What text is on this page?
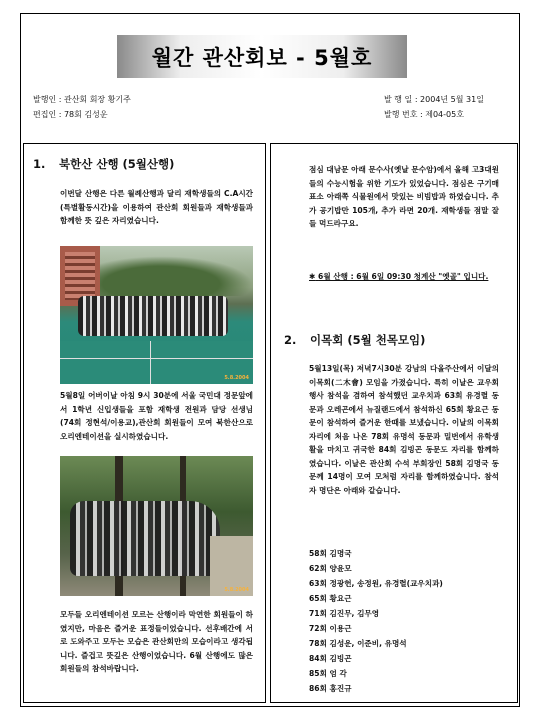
월간 관산회보 - 5월호
발행인 : 관산회 회장 황기주
편집인 : 78회 김성운
발 행 일 : 2004년 5월 31일
발행 번호 : 제04-05호
1. 북한산 산행 (5월산행)

이번달 산행은 다른 월례산행과 달리 재학생들의 C.A시간(특별활동시간)을 이용하여 관산회 회원들과 재학생들과 함께한 뜻 깊은 자리였습니다.

5.8.2004

5월8일 어버이날 아침 9시 30분에 서울 국민대 정문앞에서 1학년 신입생들을 포함 재학생 전원과 담당 선생님 (74회 정현석/이용교),관산회 회원들이 모여 북한산으로 오리엔테이션을 실시하였습니다.

5.8.2004

모두들 오리엔테이션 모르는 산행이라 막연한 회원들이 하였지만, 마음은 즐거운 표정들이었습니다. 선후배간에 서로 도와주고 모두는 모습은 관산회만의 모습이라고 생각됩니다. 즐겁고 뜻깊은 산행이었습니다. 6월 산행에도 많은 회원들의 참석바랍니다.

점심 대남문 아래 문수사(옛날 문수암)에서 올해 고3대원들의 수능시험을 위한 기도가 있었습니다. 점심은 구기매표소 아래쪽 식물원에서 맛있는 비빔밥과 하였습니다. 추가 공기밥만 105개, 추가 라면 20개. 재학생들 점말 잘 들 먹드라구요.

✱ 6월 산행 : 6월 6일 09:30 청계산 "옛골" 입니다.
2. 이목회 (5월 천목모임)

5월13일(목) 저녁7시30분 강남의 다올주산에서 이달의 이목회(二木會) 모임을 가졌습니다. 특히 이날은 교우회 행사 참석을 겸하여 참석했던 교우치과 63회 유경렬 동문과 오레곤에서 뉴질랜드에서 참석하신 65회 황요근 동문이 참석하여 즐거운 한때를 보냈습니다. 이날의 이목회 자리에 처음 나온 78회 유명석 동문과 밀번에서 유학생활을 마치고 귀국한 84회 김빙곤 동문도 자리를 함께하였습니다. 이날은 관산회 수석 부회장인 58회 김명국 동문께 14명이 모여 모처럼 자리를 함께하였습니다. 참석자 명단은 아래와 같습니다.

58회 김명국
62회 양윤모
63회 정광헌, 송정원, 유경렬(교우치과)
65회 황요근
71회 김진무, 김무영
72회 이용근
78회 김성운, 이준비, 유명석
84회 김빙곤
85회 엄 각
86회 홍진규
